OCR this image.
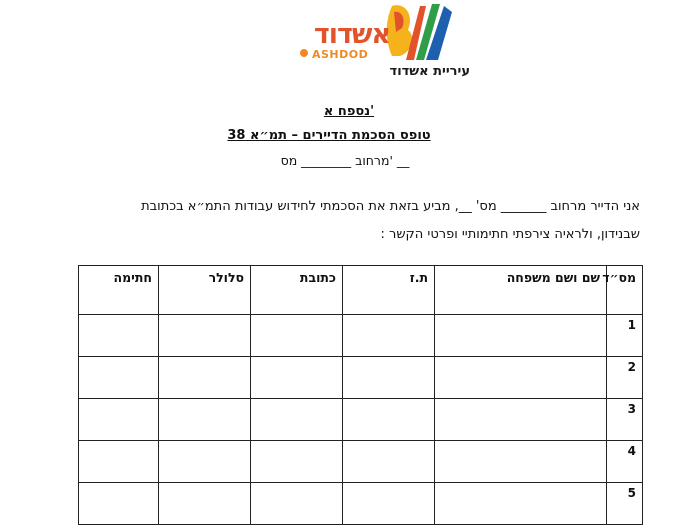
אשדוד
ASHDOD
עיריית אשדוד
נספח א'
טופס הסכמת הדיירים – תמ״א 38
מרחוב ________ מס' __
אני הדייר מרחוב _______ מס' __, מביע בזאת את הסכמתי לחידוש עבודות התמ״א בכתובת
שבנידון, ולראיה צירפתי חתימותיי ופרטי הקשר :
מס״ד	שם ושם משפחה	ת.ז	כתובת	סלולר	חתימה
1					
2					
3					
4					
5					
